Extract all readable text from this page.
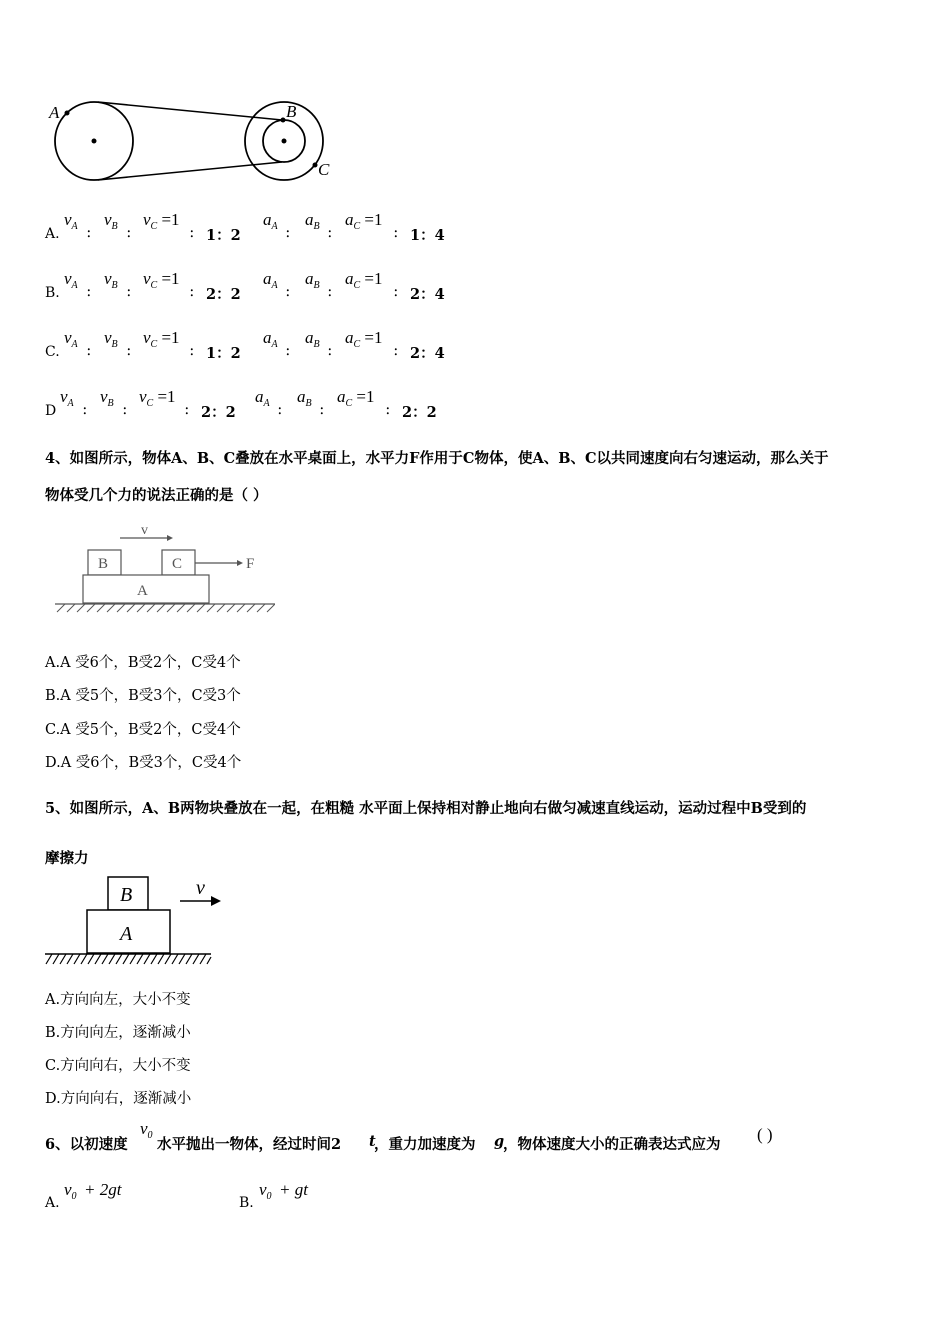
A	B
C
A.
$v_A$ ：
$v_B$ ：
$v_C =1$
： 1：2
$a_A$ ：
$a_B$ ：
$a_C =1$
： 1：4
B.
$v_A$ ：
$v_B$ ：
$v_C =1$
： 2：2
$a_A$ ：
$a_B$ ：
$a_C =1$
： 2：4
C.
$v_A$ ：
$v_B$ ：
$v_C =1$
： 1：2
$a_A$ ：
$a_B$ ：
$a_C =1$
： 2：4
D
$v_A$ ：
$v_B$ ：
$v_C =1$
： 2：2
$a_A$ ：
$a_B$ ：
$a_C =1$
： 2：2
4、如图所示，物体A、B、C叠放在水平桌面上，水平力F作用于C物体，使A、B、C以共同速度向右匀速运动，那么关于
物体受几个力的说法正确的是（ ）
v
B	C	F
A
A.A 受6个，B受2个，C受4个
B.A 受5个，B受3个，C受3个
C.A 受5个，B受2个，C受4个
D.A 受6个，B受3个，C受4个
5、如图所示，A、B两物块叠放在一起，在粗糙 水平面上保持相对静止地向右做匀减速直线运动，运动过程中B受到的
摩擦力
B
A
v
A.方向向左，大小不变
B.方向向左，逐渐减小
C.方向向右，大小不变
D.方向向右，逐渐减小
6、以初速度
$v_0$
水平抛出一物体，经过时间2 t
，重力加速度为 g
，物体速度大小的正确表达式应为
( )
A.
$v_0 + 2gt$
B.
$v_0$ + gt
